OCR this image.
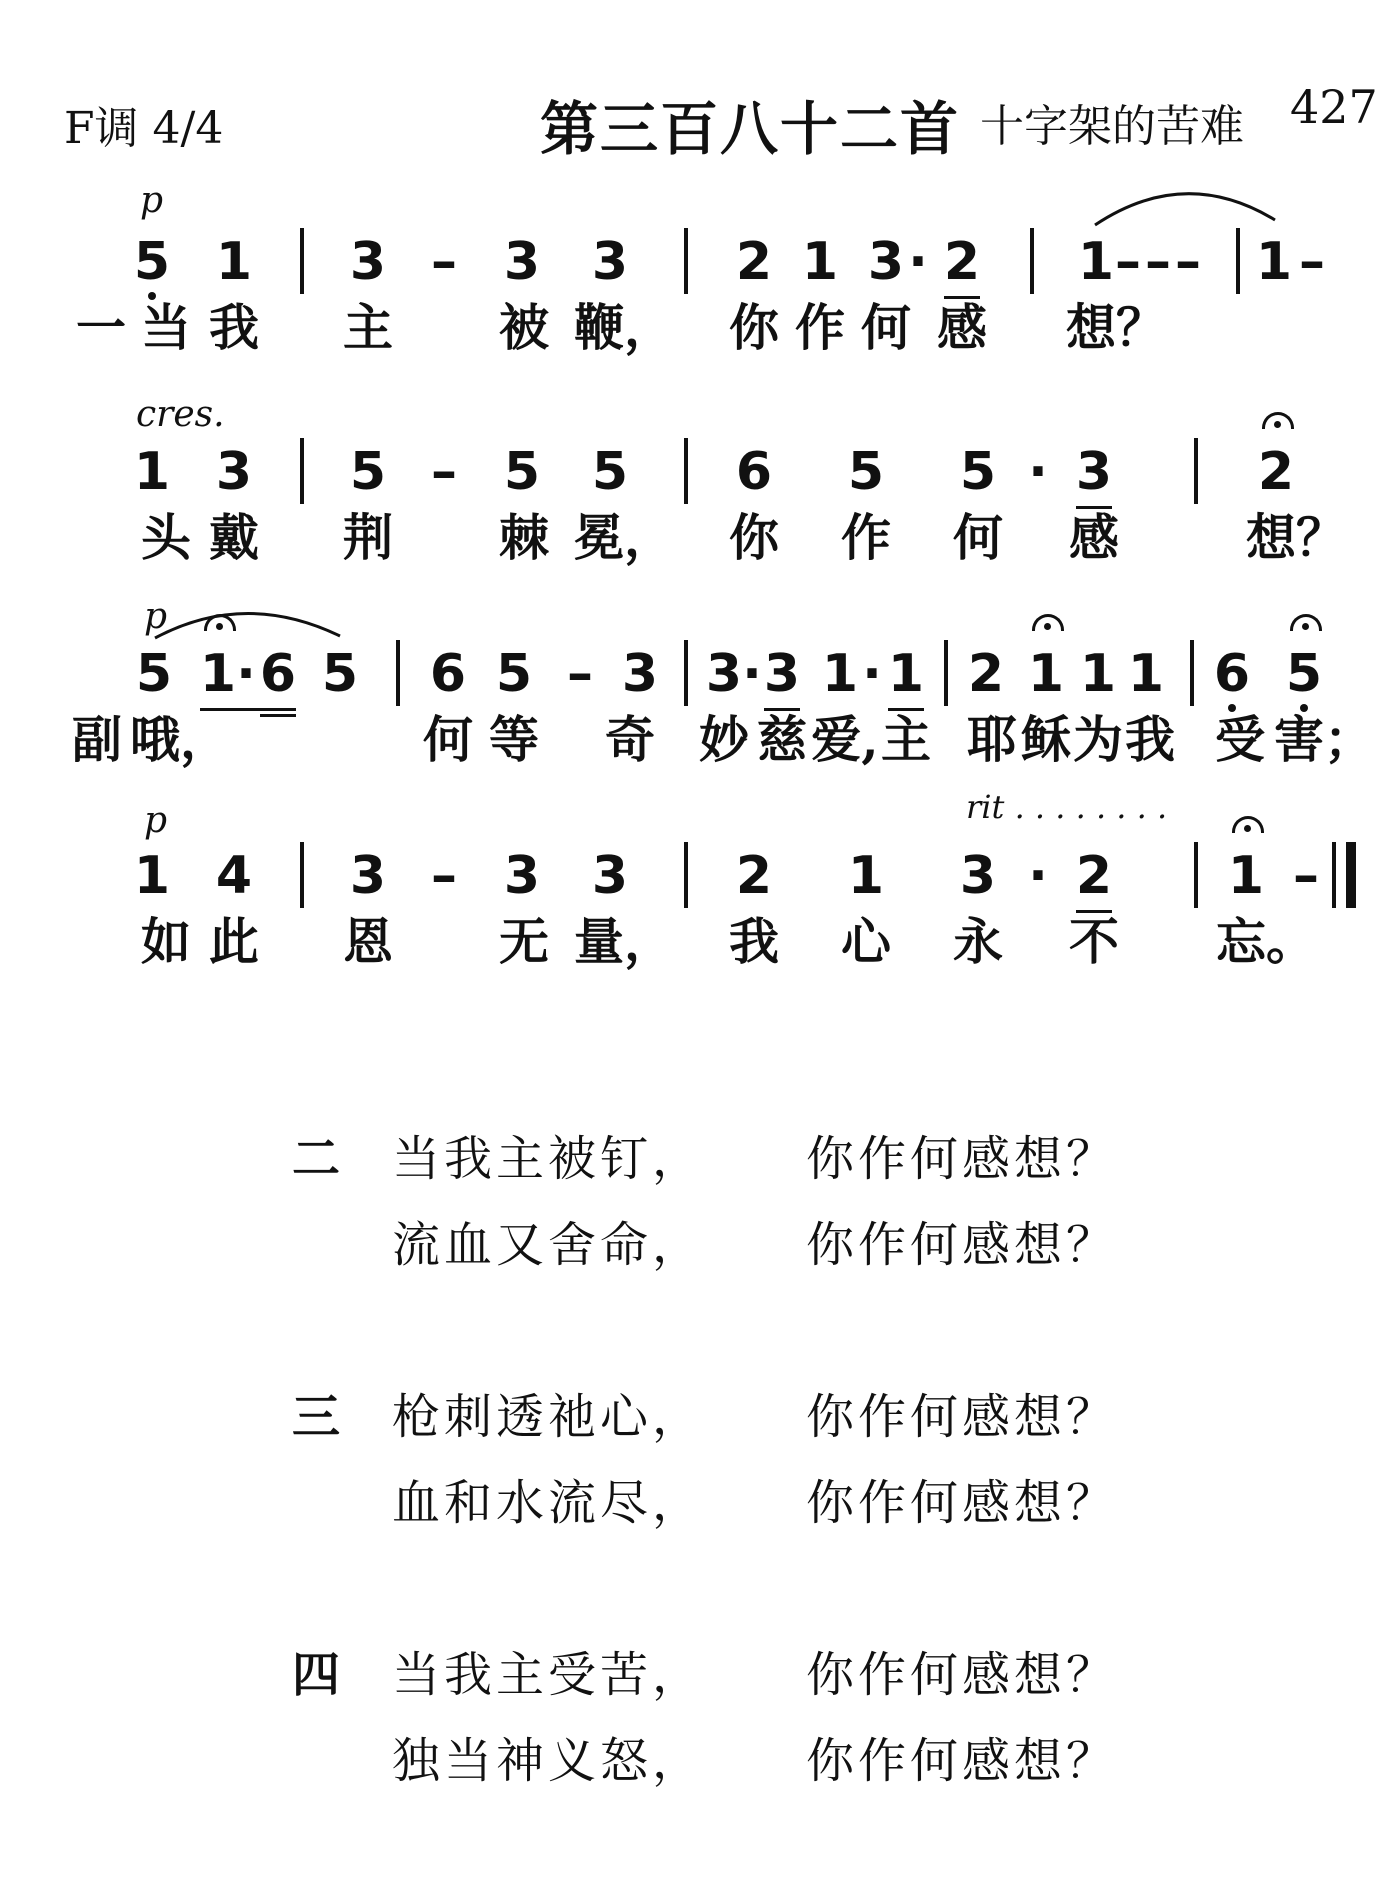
F调 4/4	第三百八十二首 十字架的苦难 427
p
5 1 3 – 3 3 2 1 3 · 2 1 – – – 1 –
一 当 我 主 被 鞭， 你 作 何 感 想？
cres.
1 3 5 – 5 5 6 5 5 · 3	2
头 戴 荆 棘 冕， 你 作 何 感	想？
p
5 1 · 6 5 6 5 – 3 3 · 3 1 · 1 2 1 1 1 6 5
副 哦，	何 等 奇 妙 慈 爱, 主 耶 稣 为 我 受 害；
p	rit . . . . . . . .
1 4 3 – 3 3 2 1 3 · 2 1 –
如 此 恩 无 量， 我 心 永 不 忘。
二 当我主被钉， 你作何感想？
流血又舍命， 你作何感想？
三 枪刺透祂心， 你作何感想？
血和水流尽， 你作何感想？
四 当我主受苦， 你作何感想？
独当神义怒， 你作何感想？
